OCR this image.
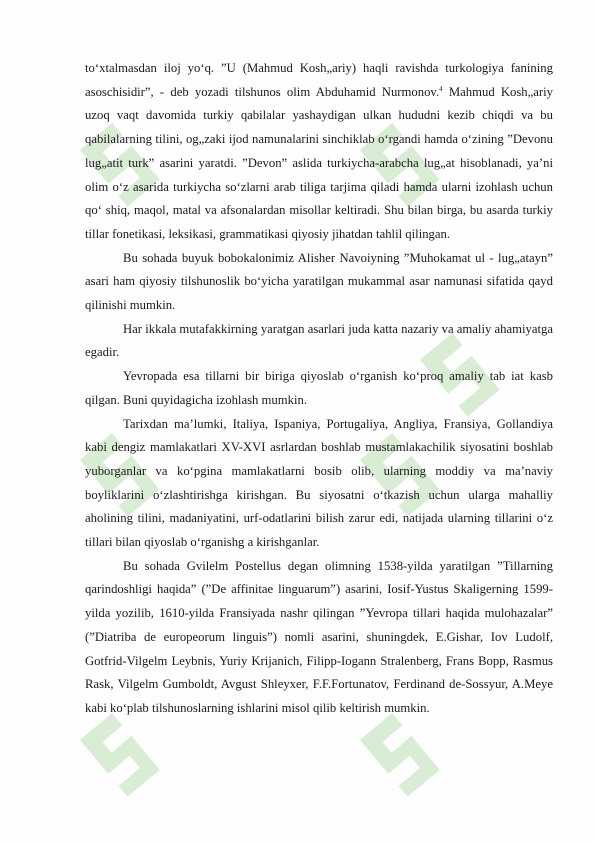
to‘xtalmasdan iloj yo‘q. ”U (Mahmud Kosh„ariy) haqli ravishda turkologiya fanining asoschisidir”, - deb yozadi tilshunos olim Abduhamid Nurmonov.$^4$ Mahmud Kosh„ariy uzoq vaqt davomida turkiy qabilalar yashaydigan ulkan hududni kezib chiqdi va bu qabilalarning tilini, og„zaki ijod namunalarini sinchiklab o‘rgandi hamda o‘zining ”Devonu lug„atit turk” asarini yaratdi. ”Devon” aslida turkiycha-arabcha lug„at hisoblanadi, ya’ni olim o‘z asarida turkiycha so‘zlarni arab tiliga tarjima qiladi hamda ularni izohlash uchun qo‘ shiq, maqol, matal va afsonalardan misollar keltiradi. Shu bilan birga, bu asarda turkiy tillar fonetikasi, leksikasi, grammatikasi qiyosiy jihatdan tahlil qilingan.

Bu sohada buyuk bobokalonimiz Alisher Navoiyning ”Muhokamat ul - lug„atayn” asari ham qiyosiy tilshunoslik bo‘yicha yaratilgan mukammal asar namunasi sifatida qayd qilinishi mumkin.

Har ikkala mutafakkirning yaratgan asarlari juda katta nazariy va amaliy ahamiyatga egadir.

Yevropada esa tillarni bir biriga qiyoslab o‘rganish ko‘proq amaliy tab iat kasb qilgan. Buni quyidagicha izohlash mumkin.

Tarixdan ma’lumki, Italiya, Ispaniya, Portugaliya, Angliya, Fransiya, Gollandiya kabi dengiz mamlakatlari XV-XVI asrlardan boshlab mustamlakachilik siyosatini boshlab yuborganlar va ko‘pgina mamlakatlarni bosib olib, ularning moddiy va ma’naviy boyliklarini o‘zlashtirishga kirishgan. Bu siyosatni o‘tkazish uchun ularga mahalliy aholining tilini, madaniyatini, urf-odatlarini bilish zarur edi, natijada ularning tillarini o‘z tillari bilan qiyoslab o‘rganishg a kirishganlar.

Bu sohada Gvilelm Postellus degan olimning 1538-yilda yaratilgan ”Tillarning qarindoshligi haqida” (”De affinitae linguarum”) asarini, Iosif-Yustus Skaligerning 1599-yilda yozilib, 1610-yilda Fransiyada nashr qilingan ”Yevropa tillari haqida mulohazalar” (”Diatriba de europeorum linguis”) nomli asarini, shuningdek, E.Gishar, Iov Ludolf, Gotfrid-Vilgelm Leybnis, Yuriy Krijanich, Filipp-Iogann Stralenberg, Frans Bopp, Rasmus Rask, Vilgelm Gumboldt, Avgust Shleyxer, F.F.Fortunatov, Ferdinand de-Sossyur, A.Meye kabi ko‘plab tilshunoslarning ishlarini misol qilib keltirish mumkin.
